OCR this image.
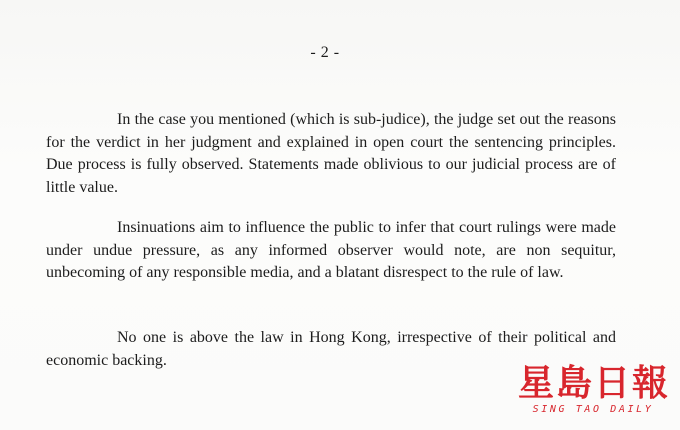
- 2 -

In the case you mentioned (which is sub-judice), the judge set out the reasons for the verdict in her judgment and explained in open court the sentencing principles. Due process is fully observed. Statements made oblivious to our judicial process are of little value.

Insinuations aim to influence the public to infer that court rulings were made under undue pressure, as any informed observer would note, are non sequitur, unbecoming of any responsible media, and a blatant disrespect to the rule of law.

No one is above the law in Hong Kong, irrespective of their political and economic backing.

星 島 日 報
SING TAO DAILY
